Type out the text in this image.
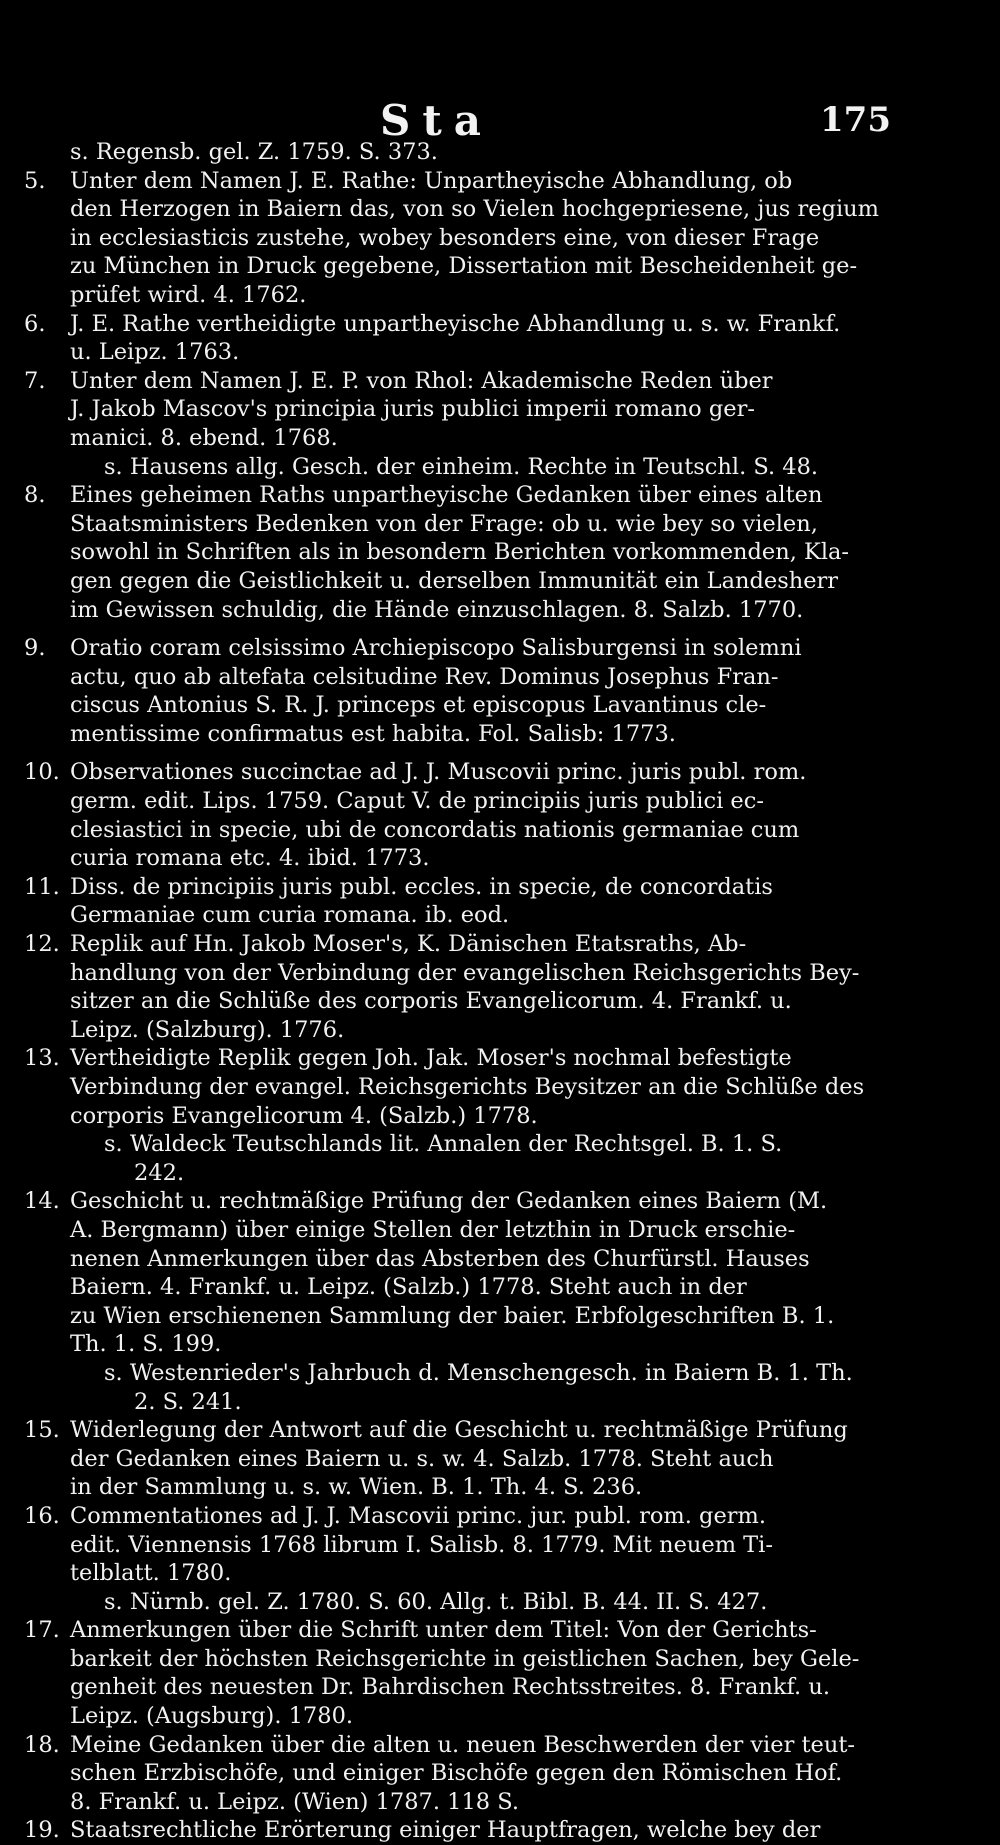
Sta	175
s. Regensb. gel. Z. 1759. S. 373.
5. Unter dem Namen J. E. Rathe: Unpartheyische Abhandlung, ob
den Herzogen in Baiern das, von so Vielen hochgepriesene, jus regium
in ecclesiasticis zustehe, wobey besonders eine, von dieser Frage
zu München in Druck gegebene, Dissertation mit Bescheidenheit ge-
prüfet wird. 4. 1762.
6. J. E. Rathe vertheidigte unpartheyische Abhandlung u. s. w. Frankf.
u. Leipz. 1763.
7. Unter dem Namen J. E. P. von Rhol: Akademische Reden über
J. Jakob Mascov's principia juris publici imperii romano ger-
manici. 8. ebend. 1768.
s. Hausens allg. Gesch. der einheim. Rechte in Teutschl. S. 48.
8. Eines geheimen Raths unpartheyische Gedanken über eines alten
Staatsministers Bedenken von der Frage: ob u. wie bey so vielen,
sowohl in Schriften als in besondern Berichten vorkommenden, Kla-
gen gegen die Geistlichkeit u. derselben Immunität ein Landesherr
im Gewissen schuldig, die Hände einzuschlagen. 8. Salzb. 1770.
9. Oratio coram celsissimo Archiepiscopo Salisburgensi in solemni
actu, quo ab altefata celsitudine Rev. Dominus Josephus Fran-
ciscus Antonius S. R. J. princeps et episcopus Lavantinus cle-
mentissime confirmatus est habita. Fol. Salisb: 1773.
10. Observationes succinctae ad J. J. Muscovii princ. juris publ. rom.
germ. edit. Lips. 1759. Caput V. de principiis juris publici ec-
clesiastici in specie, ubi de concordatis nationis germaniae cum
curia romana etc. 4. ibid. 1773.
11. Diss. de principiis juris publ. eccles. in specie, de concordatis
Germaniae cum curia romana. ib. eod.
12. Replik auf Hn. Jakob Moser's, K. Dänischen Etatsraths, Ab-
handlung von der Verbindung der evangelischen Reichsgerichts Bey-
sitzer an die Schlüße des corporis Evangelicorum. 4. Frankf. u.
Leipz. (Salzburg). 1776.
13. Vertheidigte Replik gegen Joh. Jak. Moser's nochmal befestigte
Verbindung der evangel. Reichsgerichts Beysitzer an die Schlüße des
corporis Evangelicorum 4. (Salzb.) 1778.
s. Waldeck Teutschlands lit. Annalen der Rechtsgel. B. 1. S.
242.
14. Geschicht u. rechtmäßige Prüfung der Gedanken eines Baiern (M.
A. Bergmann) über einige Stellen der letzthin in Druck erschie-
nenen Anmerkungen über das Absterben des Churfürstl. Hauses
Baiern. 4. Frankf. u. Leipz. (Salzb.) 1778. Steht auch in der
zu Wien erschienenen Sammlung der baier. Erbfolgeschriften B. 1.
Th. 1. S. 199.
s. Westenrieder's Jahrbuch d. Menschengesch. in Baiern B. 1. Th.
2. S. 241.
15. Widerlegung der Antwort auf die Geschicht u. rechtmäßige Prüfung
der Gedanken eines Baiern u. s. w. 4. Salzb. 1778. Steht auch
in der Sammlung u. s. w. Wien. B. 1. Th. 4. S. 236.
16. Commentationes ad J. J. Mascovii princ. jur. publ. rom. germ.
edit. Viennensis 1768 librum I. Salisb. 8. 1779. Mit neuem Ti-
telblatt. 1780.
s. Nürnb. gel. Z. 1780. S. 60. Allg. t. Bibl. B. 44. II. S. 427.
17. Anmerkungen über die Schrift unter dem Titel: Von der Gerichts-
barkeit der höchsten Reichsgerichte in geistlichen Sachen, bey Gele-
genheit des neuesten Dr. Bahrdischen Rechtsstreites. 8. Frankf. u.
Leipz. (Augsburg). 1780.
18. Meine Gedanken über die alten u. neuen Beschwerden der vier teut-
schen Erzbischöfe, und einiger Bischöfe gegen den Römischen Hof.
8. Frankf. u. Leipz. (Wien) 1787. 118 S.
19. Staatsrechtliche Erörterung einiger Hauptfragen, welche bey der
